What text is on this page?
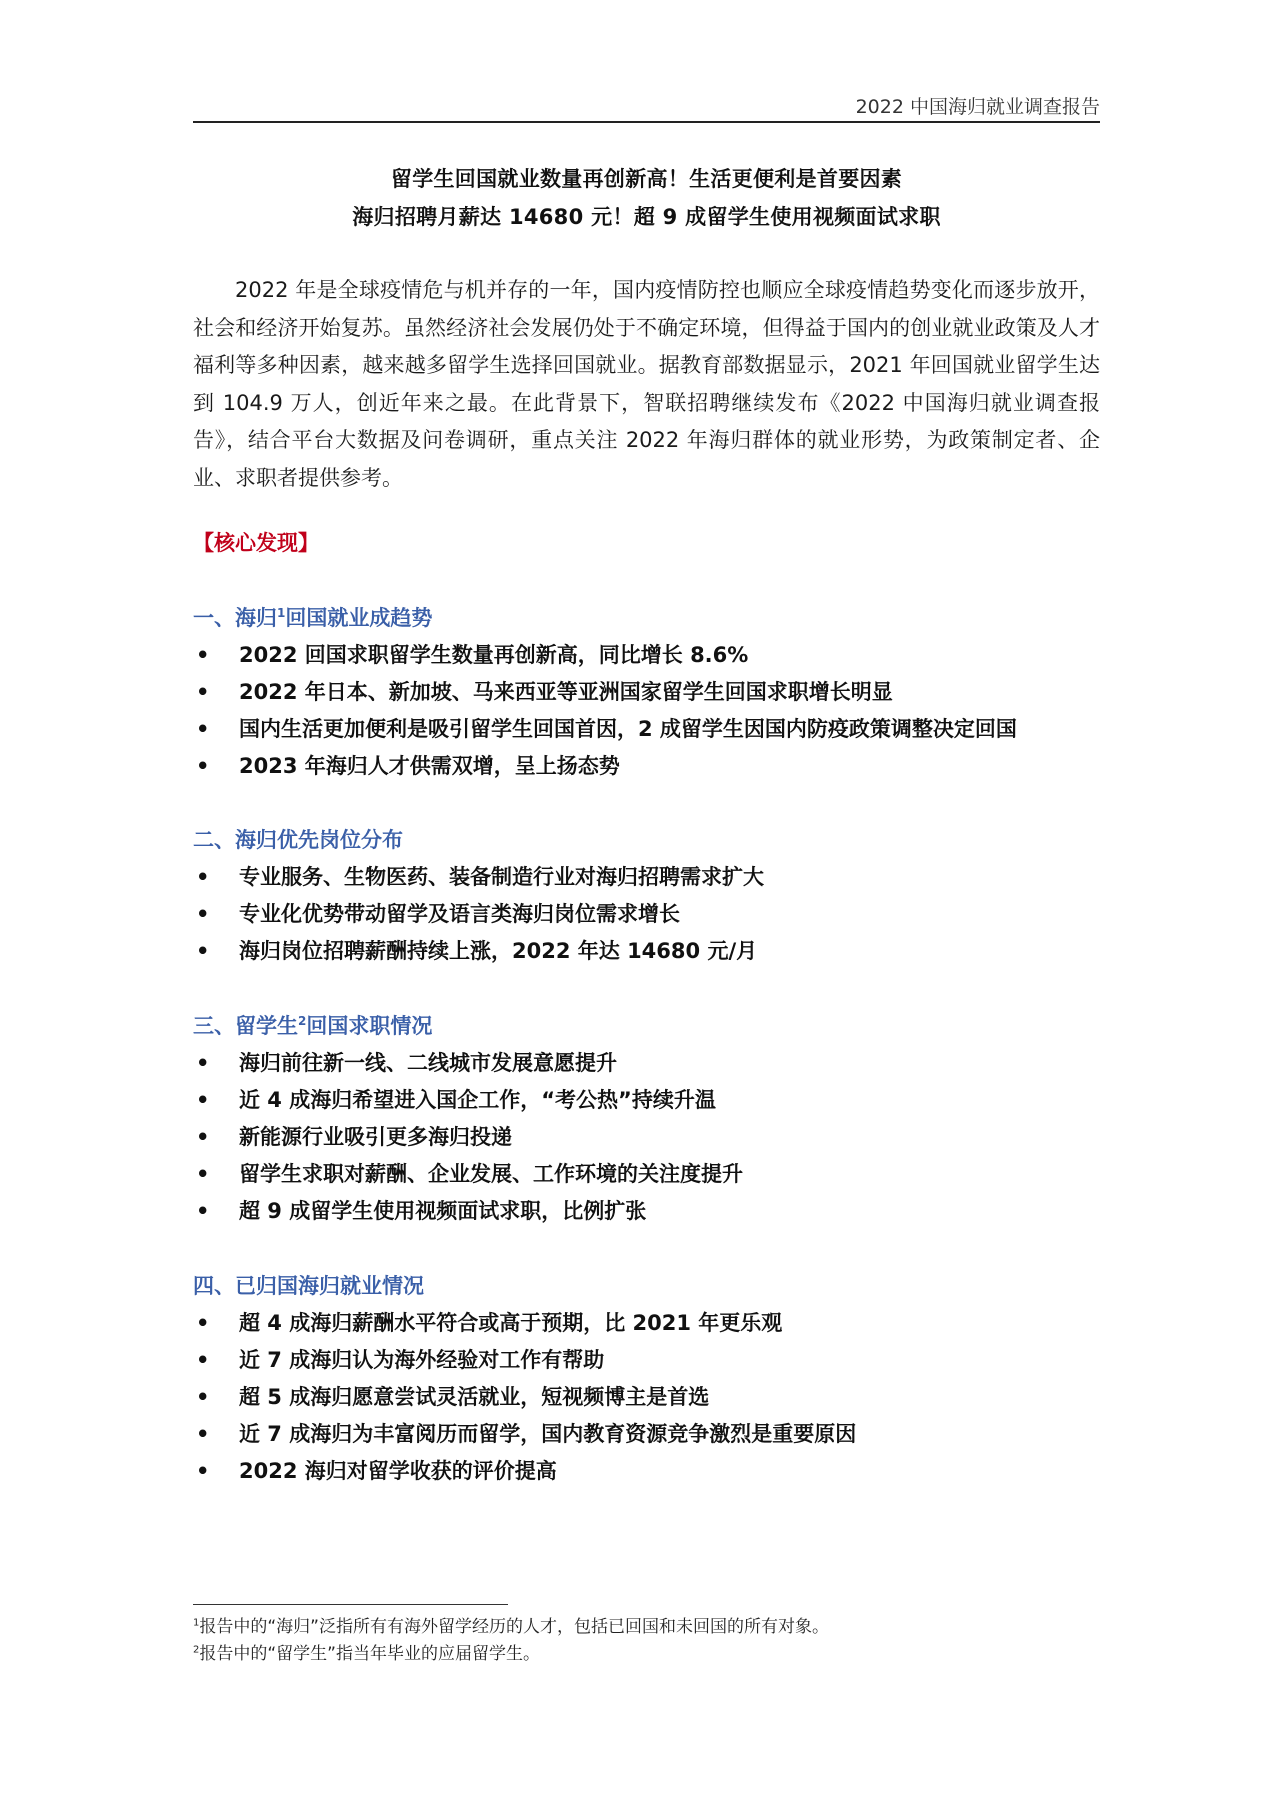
2022 中国海归就业调查报告
留学生回国就业数量再创新高！生活更便利是首要因素
海归招聘月薪达 14680 元！超 9 成留学生使用视频面试求职

2022 年是全球疫情危与机并存的一年，国内疫情防控也顺应全球疫情趋势变化而逐步放开，社会和经济开始复苏。虽然经济社会发展仍处于不确定环境，但得益于国内的创业就业政策及人才福利等多种因素，越来越多留学生选择回国就业。据教育部数据显示，2021 年回国就业留学生达到 104.9 万人，创近年来之最。在此背景下，智联招聘继续发布《2022 中国海归就业调查报告》，结合平台大数据及问卷调研，重点关注 2022 年海归群体的就业形势，为政策制定者、企业、求职者提供参考。

【核心发现】
一、海归$^1$回国就业成趋势
• 2022 回国求职留学生数量再创新高，同比增长 8.6%
• 2022 年日本、新加坡、马来西亚等亚洲国家留学生回国求职增长明显
• 国内生活更加便利是吸引留学生回国首因，2 成留学生因国内防疫政策调整决定回国
• 2023 年海归人才供需双增，呈上扬态势
二、海归优先岗位分布
• 专业服务、生物医药、装备制造行业对海归招聘需求扩大
• 专业化优势带动留学及语言类海归岗位需求增长
• 海归岗位招聘薪酬持续上涨，2022 年达 14680 元/月
三、留学生$^2$回国求职情况
• 海归前往新一线、二线城市发展意愿提升
• 近 4 成海归希望进入国企工作，“考公热”持续升温
• 新能源行业吸引更多海归投递
• 留学生求职对薪酬、企业发展、工作环境的关注度提升
• 超 9 成留学生使用视频面试求职，比例扩张
四、已归国海归就业情况
• 超 4 成海归薪酬水平符合或高于预期，比 2021 年更乐观
• 近 7 成海归认为海外经验对工作有帮助
• 超 5 成海归愿意尝试灵活就业，短视频博主是首选
• 近 7 成海归为丰富阅历而留学，国内教育资源竞争激烈是重要原因
• 2022 海归对留学收获的评价提高
$^1$报告中的“海归”泛指所有有海外留学经历的人才，包括已回国和未回国的所有对象。
$^2$报告中的“留学生”指当年毕业的应届留学生。
